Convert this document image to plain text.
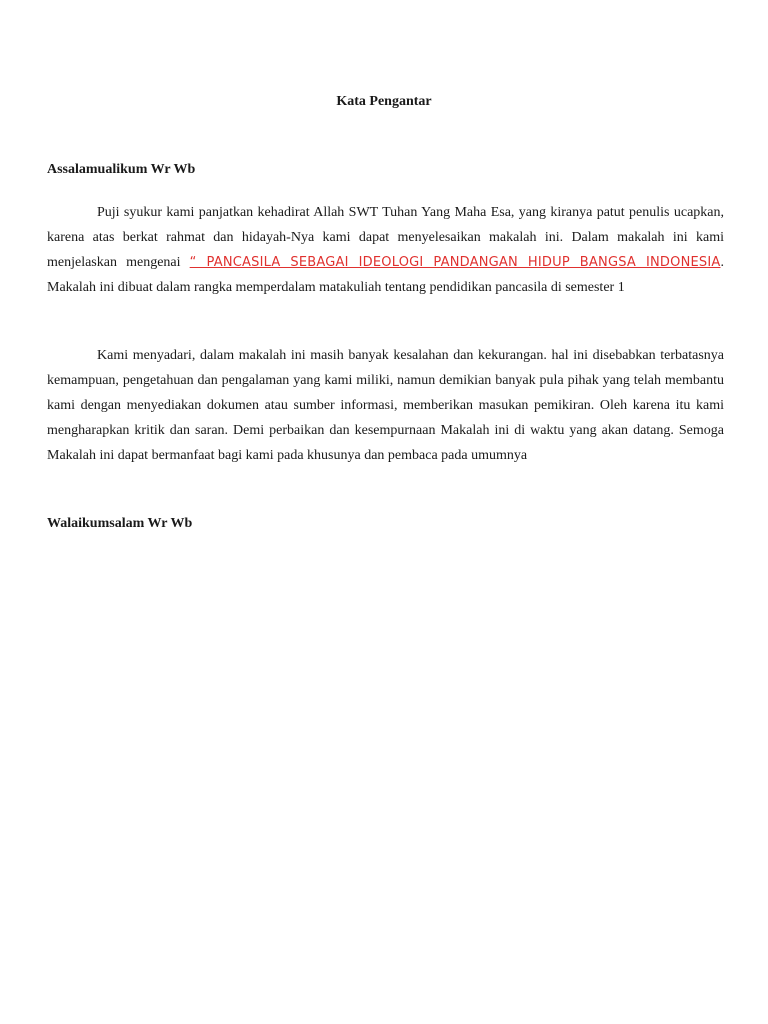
Kata Pengantar
Assalamualikum Wr Wb

Puji syukur kami panjatkan kehadirat Allah SWT Tuhan Yang Maha Esa, yang kiranya patut penulis ucapkan, karena atas berkat rahmat dan hidayah-Nya kami dapat menyelesaikan makalah ini. Dalam makalah ini kami menjelaskan mengenai “ PANCASILA SEBAGAI IDEOLOGI PANDANGAN HIDUP BANGSA INDONESIA. Makalah ini dibuat dalam rangka memperdalam matakuliah tentang pendidikan pancasila di semester 1

Kami menyadari, dalam makalah ini masih banyak kesalahan dan kekurangan. hal ini disebabkan terbatasnya kemampuan, pengetahuan dan pengalaman yang kami miliki, namun demikian banyak pula pihak yang telah membantu kami dengan menyediakan dokumen atau sumber informasi, memberikan masukan pemikiran. Oleh karena itu kami mengharapkan kritik dan saran. Demi perbaikan dan kesempurnaan Makalah ini di waktu yang akan datang. Semoga Makalah ini dapat bermanfaat bagi kami pada khusunya dan pembaca pada umumnya

Walaikumsalam Wr Wb
